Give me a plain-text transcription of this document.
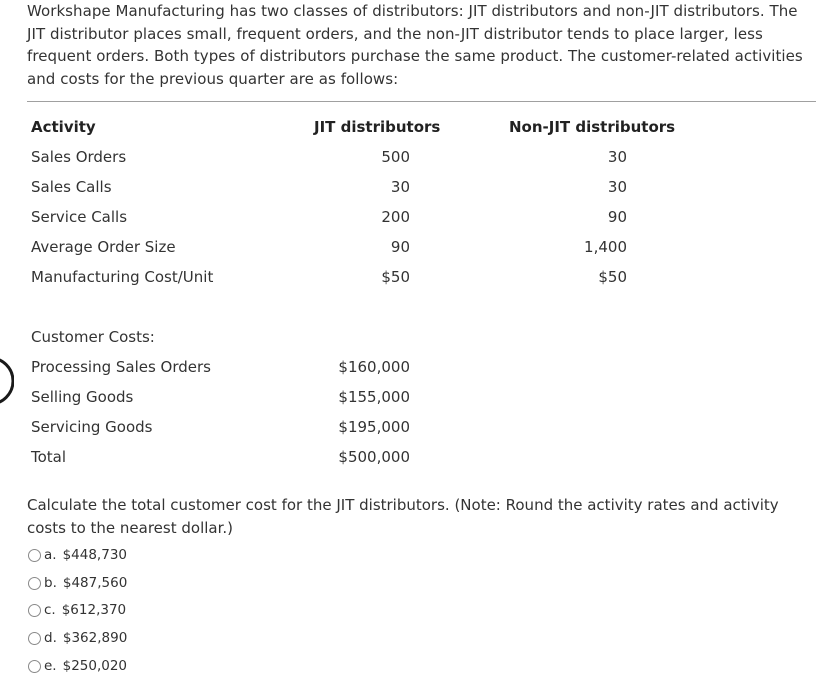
Workshape Manufacturing has two classes of distributors: JIT distributors and non-JIT distributors. The JIT distributor places small, frequent orders, and the non-JIT distributor tends to place larger, less frequent orders. Both types of distributors purchase the same product. The customer-related activities and costs for the previous quarter are as follows:

Activity	JIT distributors	Non-JIT distributors
Sales Orders	500	30
Sales Calls	30	30
Service Calls	200	90
Average Order Size	90	1,400
Manufacturing Cost/Unit	$50	$50
Customer Costs:
Processing Sales Orders	$160,000
Selling Goods	$155,000
Servicing Goods	$195,000
Total	$500,000

Calculate the total customer cost for the JIT distributors. (Note: Round the activity rates and activity costs to the nearest dollar.)

a. $448,730
b. $487,560
c. $612,370
d. $362,890
e. $250,020
